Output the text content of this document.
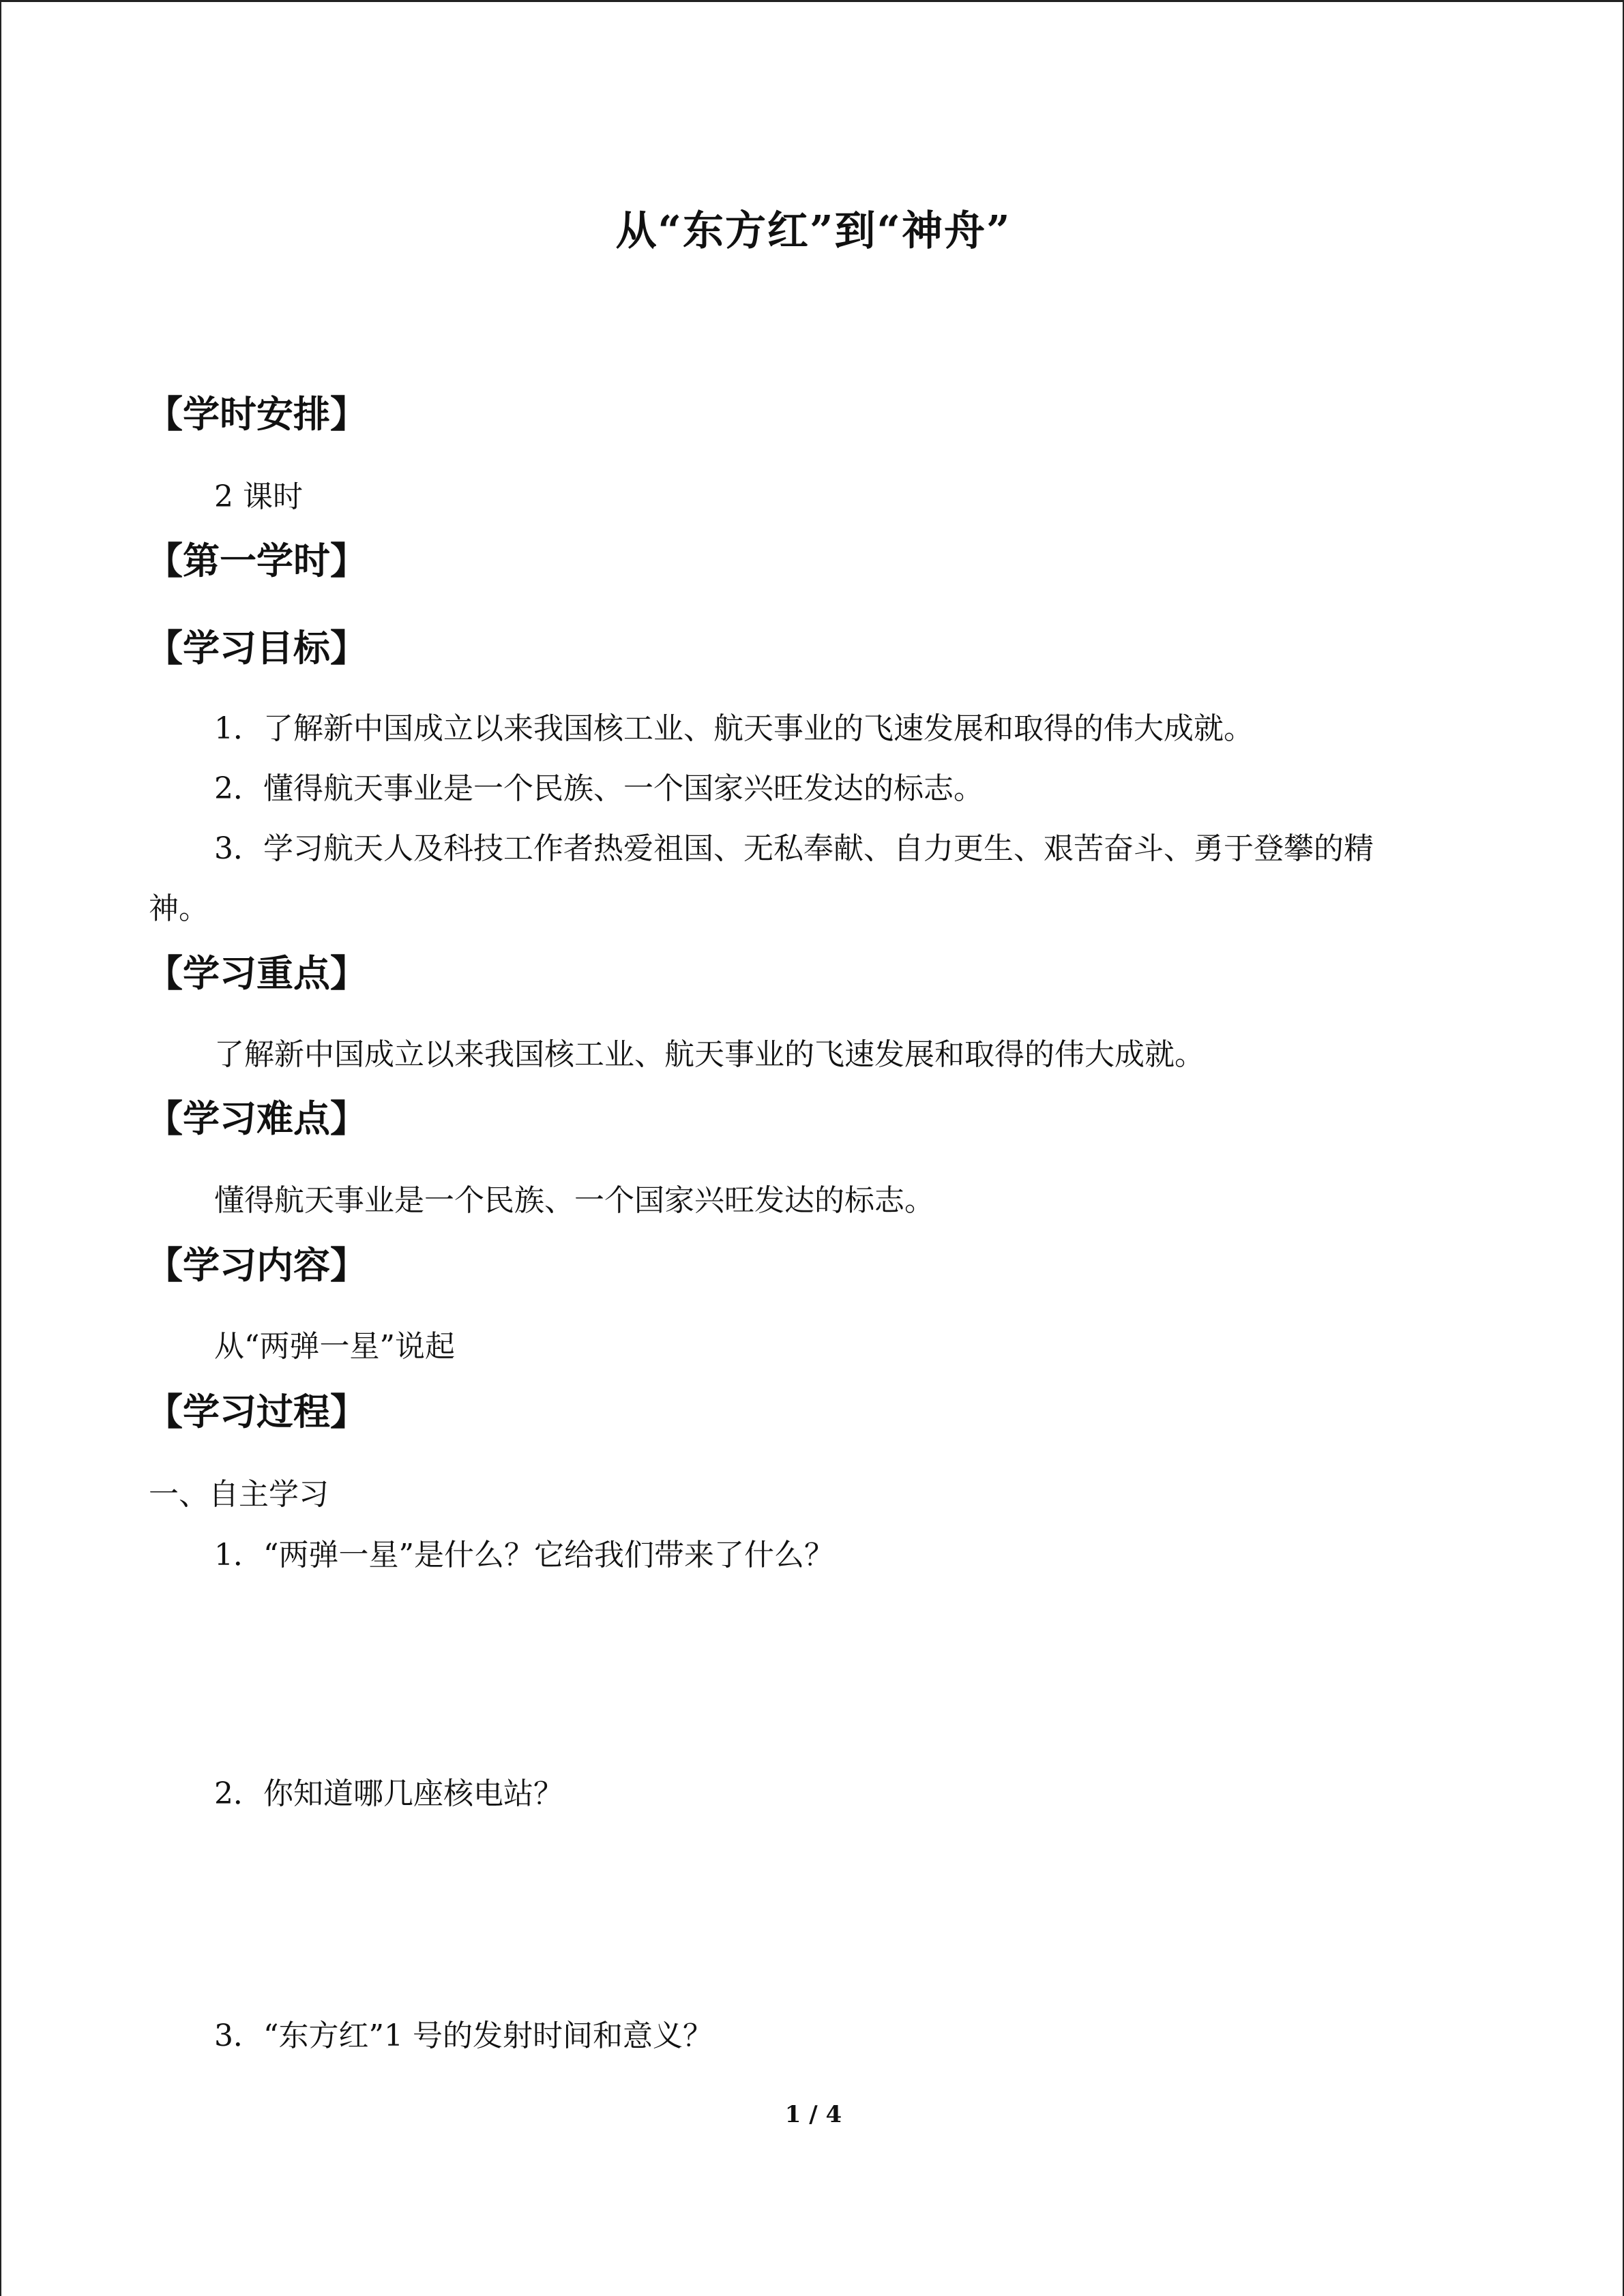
从“东方红”到“神舟”
【学时安排】
2 课时
【第一学时】
【学习目标】
1．了解新中国成立以来我国核工业、航天事业的飞速发展和取得的伟大成就。
2．懂得航天事业是一个民族、一个国家兴旺发达的标志。
3．学习航天人及科技工作者热爱祖国、无私奉献、自力更生、艰苦奋斗、勇于登攀的精
神。
【学习重点】
了解新中国成立以来我国核工业、航天事业的飞速发展和取得的伟大成就。
【学习难点】
懂得航天事业是一个民族、一个国家兴旺发达的标志。
【学习内容】
从“两弹一星”说起
【学习过程】
一、自主学习
1．“两弹一星”是什么？它给我们带来了什么？
2．你知道哪几座核电站？
3．“东方红”1 号的发射时间和意义？
1 / 4
